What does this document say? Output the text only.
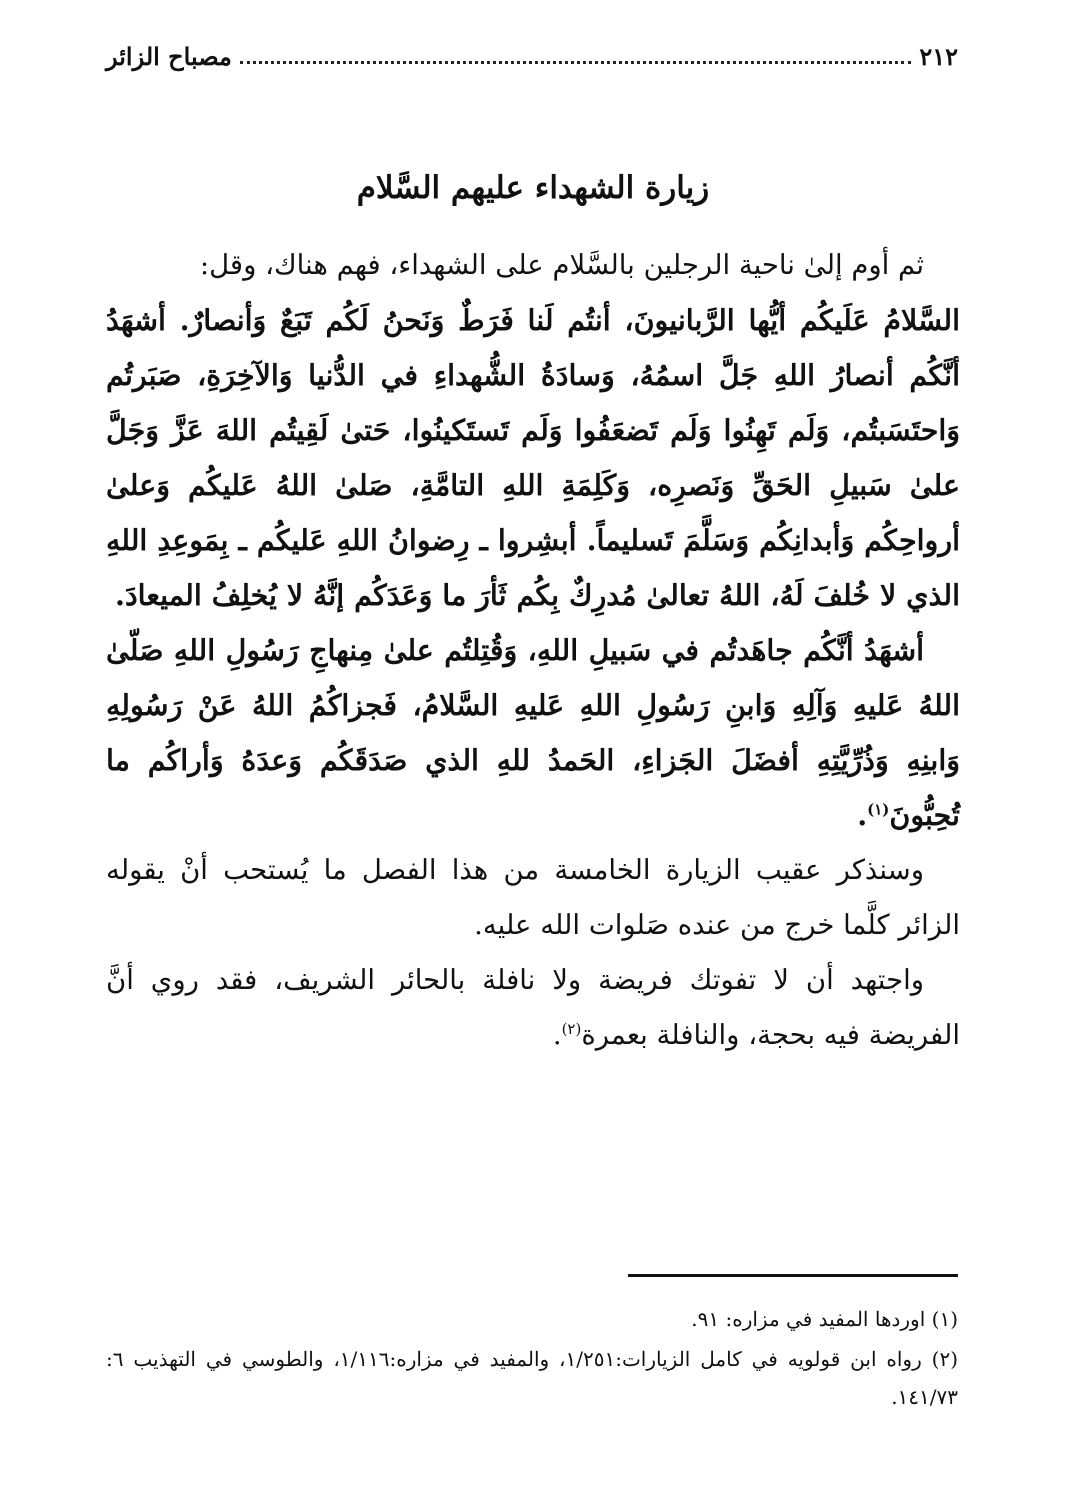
٢١٢
مصباح الزائر
زيارة الشهداء عليهم السَّلام

ثم أوم إلىٰ ناحية الرجلين بالسَّلام على الشهداء، فهم هناك، وقل:

السَّلامُ عَلَيكُم أيُّها الرَّبانيونَ، أنتُم لَنا فَرَطٌ وَنَحنُ لَكُم تَبَعٌ وَأنصارٌ. أشهَدُ أنَّكُم أنصارُ اللهِ جَلَّ اسمُهُ، وَسادَةُ الشُّهداءِ في الدُّنيا وَالآخِرَةِ، صَبَرتُم وَاحتَسَبتُم، وَلَم تَهِنُوا وَلَم تَضعَفُوا وَلَم تَستَكينُوا، حَتىٰ لَقِيتُم اللهَ عَزَّ وَجَلَّ علىٰ سَبيلِ الحَقِّ وَنَصرِه، وَكَلِمَةِ اللهِ التامَّةِ، صَلىٰ اللهُ عَليكُم وَعلىٰ أرواحِكُم وَأبدانِكُم وَسَلَّمَ تَسليماً. أبشِروا ـ رِضوانُ اللهِ عَليكُم ـ بِمَوعِدِ اللهِ الذي لا خُلفَ لَهُ، اللهُ تعالىٰ مُدرِكٌ بِكُم ثَأرَ ما وَعَدَكُم إنَّهُ لا يُخلِفُ الميعادَ.

أشهَدُ أنَّكُم جاهَدتُم في سَبيلِ اللهِ، وَقُتِلتُم علىٰ مِنهاجِ رَسُولِ اللهِ صَلّىٰ اللهُ عَليهِ وَآلِهِ وَابنِ رَسُولِ اللهِ عَليهِ السَّلامُ، فَجزاكُمُ اللهُ عَنْ رَسُولِهِ وَابنِهِ وَذُرِّيَّتِهِ أفضَلَ الجَزاءِ، الحَمدُ للهِ الذي صَدَقَكُم وَعدَهُ وَأراكُم ما تُحِبُّونَ$^{(١)}$.

وسنذكر عقيب الزيارة الخامسة من هذا الفصل ما يُستحب أنْ يقوله الزائر كلَّما خرج من عنده صَلوات الله عليه.

واجتهد أن لا تفوتك فريضة ولا نافلة بالحائر الشريف، فقد روي أنَّ الفريضة فيه بحجة، والنافلة بعمرة$^{(٢)}$.

(١) اوردها المفيد في مزاره: ٩١.

(٢) رواه ابن قولويه في كامل الزيارات:١/٢٥١، والمفيد في مزاره:١/١١٦، والطوسي في التهذيب ٦: ١٤١/٧٣.
